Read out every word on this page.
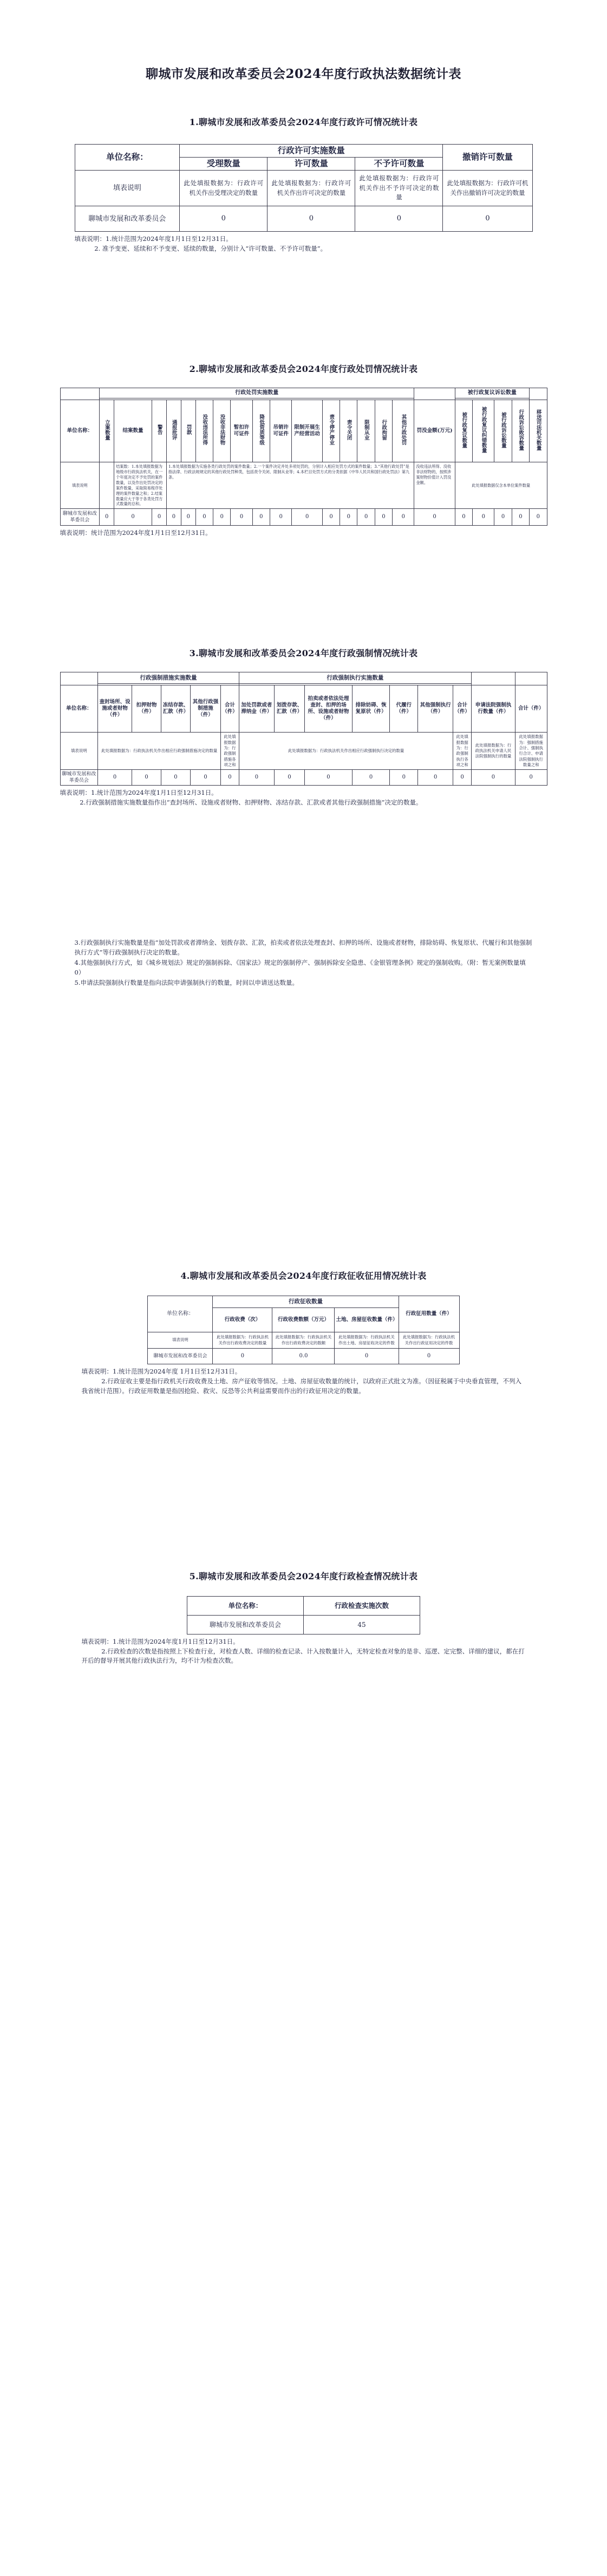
聊城市发展和改革委员会2024年度行政执法数据统计表
1.聊城市发展和改革委员会2024年度行政许可情况统计表
单位名称：	行政许可实施数量			撤销许可数量
	受理数量	许可数量	不予许可数量	
填表说明	此处填报数据为：行政许可机关作出受理决定的数量	此处填报数据为：行政许可机关作出许可决定的数量	此处填报数据为：行政许可机关作出不予许可决定的数量	此处填报数据为：行政许可机关作出撤销许可决定的数量
聊城市发展和改革委员会	0	0	0	0

填表说明：1.统计范围为2024年度1月1日至12月31日。

2. 准予变更、延续和不予变更、延续的数量，分别计入“许可数量、不予许可数量”。

2.聊城市发展和改革委员会2024年度行政处罚情况统计表
	行政处罚实施数量																	被行政复议诉讼数量				

单位名称：	立案数量	结案数量	警告	通报批评	罚款	没收违法所得	没收非法财物	暂扣许可证件	降低资质等级	吊销许可证件	限制开展生产经营活动	责令停产停业	责令关闭	限制从业	行政拘留	其他行政处罚	罚没金额(万元)	被行政复议数量	被行政复议纠错数量	被行政诉讼数量	行政诉讼败诉数量	移送司法机关数量
填表说明		结案数：1.本处填报数据为地级市行政执法机关，在一个年度决定不予处罚的案件数量，以及作出处罚决定的案件数量，采取简易程序处理的案件数量之和；2.结案数量应大于等于各类处罚方式数量的总和。		1.本处填报数据为实施各类行政处罚的案件数量；2.一个案件决定并处多项处罚的，分别计入相应处罚方式的案件数量；3.“其他行政处罚”是指法律、行政法规规定的其他行政处罚种类，包括责令关闭、限制从业等；4.本栏目处罚方式的分类依据《中华人民共和国行政处罚法》第九条。													没收违法所得、没收非法财物的，按照涉案财物价值计入罚没金额。	此处填报数据仅含本单位案件数量				
聊城市发展和改革委员会	0	0	0	0	0	0	0	0	0	0	0	0	0	0	0	0	0	0	0	0	0	0

填表说明：统计范围为2024年度1月1日至12月31日。

3.聊城市发展和改革委员会2024年度行政强制情况统计表
	行政强制措施实施数量					行政强制执行实施数量								

单位名称：	查封场所、设施或者财物（件）	扣押财物（件）	冻结存款、汇款（件）	其他行政强制措施（件）	合计（件）	加处罚款或者滞纳金（件）	划拨存款、汇款（件）	拍卖或者依法处理查封、扣押的场所、设施或者财物（件）	排除妨碍、恢复原状（件）	代履行（件）	其他强制执行（件）	合计（件）	申请法院强制执行数量（件）	合计（件）
填表说明	此处填报数据为：行政执法机关作出相应行政强制措施决定的数量				此处填报数据为：行政强制措施各项之和	此处填报数据为：行政执法机关作出相应行政强制执行决定的数量						此处填报数据为：行政强制执行各项之和	此处填报数据为：行政执法机关申请人民法院强制执行的数量	此处填报数据为：强制措施合计、强制执行合计、申请法院强制执行数量之和
聊城市发展和改革委员会	0	0	0	0	0	0	0	0	0	0	0	0	0	0

填表说明：1.统计范围为2024年度1月1日至12月31日。

2.行政强制措施实施数量指作出“查封场所、设施或者财物、扣押财物、冻结存款、汇款或者其他行政强制措施”决定的数量。

3.行政强制执行实施数量是指“加处罚款或者滞纳金、划拨存款、汇款，拍卖或者依法处理查封、扣押的场所、设施或者财物，排除妨碍、恢复原状、代履行和其他强制执行方式”等行政强制执行决定的数量。

4.其他强制执行方式，如《城乡规划法》规定的强制拆除、《国家法》规定的强制停产、强制拆除安全隐患、《金银管理条例》规定的强制收购。（附：暂无案例数量填0）

5.申请法院强制执行数量是指向法院申请强制执行的数量，时间以申请送达数量。

4.聊城市发展和改革委员会2024年度行政征收征用情况统计表
单位名称：	行政征收数量			行政征用数量（件）
	行政收费（次）	行政收费数额（万元）	土地、房屋征收数量（件）	
填表说明	此处填报数据为：行政执法机关作出行政收费决定的数量	此处填报数据为：行政执法机关作出行政收费决定的数额	此处填报数据为：行政执法机关作出土地、房屋征收决定的件数	此处填报数据为：行政执法机关作出行政征用决定的件数
聊城市发展和改革委员会	0	0.0	0	0

填表说明：1.统计范围为2024年度 1月1日至12月31日。

2.行政征收主要是指行政机关行政收费及土地、房产征收等情况。土地、房屋征收数量的统计，以政府正式批文为准。（因征税属于中央垂直管理，不列入我省统计范围）。行政征用数量是指因抢险、救灾、反恐等公共利益需要而作出的行政征用决定的数量。

5.聊城市发展和改革委员会2024年度行政检查情况统计表
单位名称：	行政检查实施次数
聊城市发展和改革委员会	45

填表说明：1.统计范围为2024年度1月1日至12月31日。

2.行政检查的次数是指按照上下检查行业，对检查人数、详细的检查记录、计入按数量计入，无特定检查对象的是非、巡逻、定完整、详细的建议，都在打开后的督导开展其他行政执法行为，均不计为检查次数。
